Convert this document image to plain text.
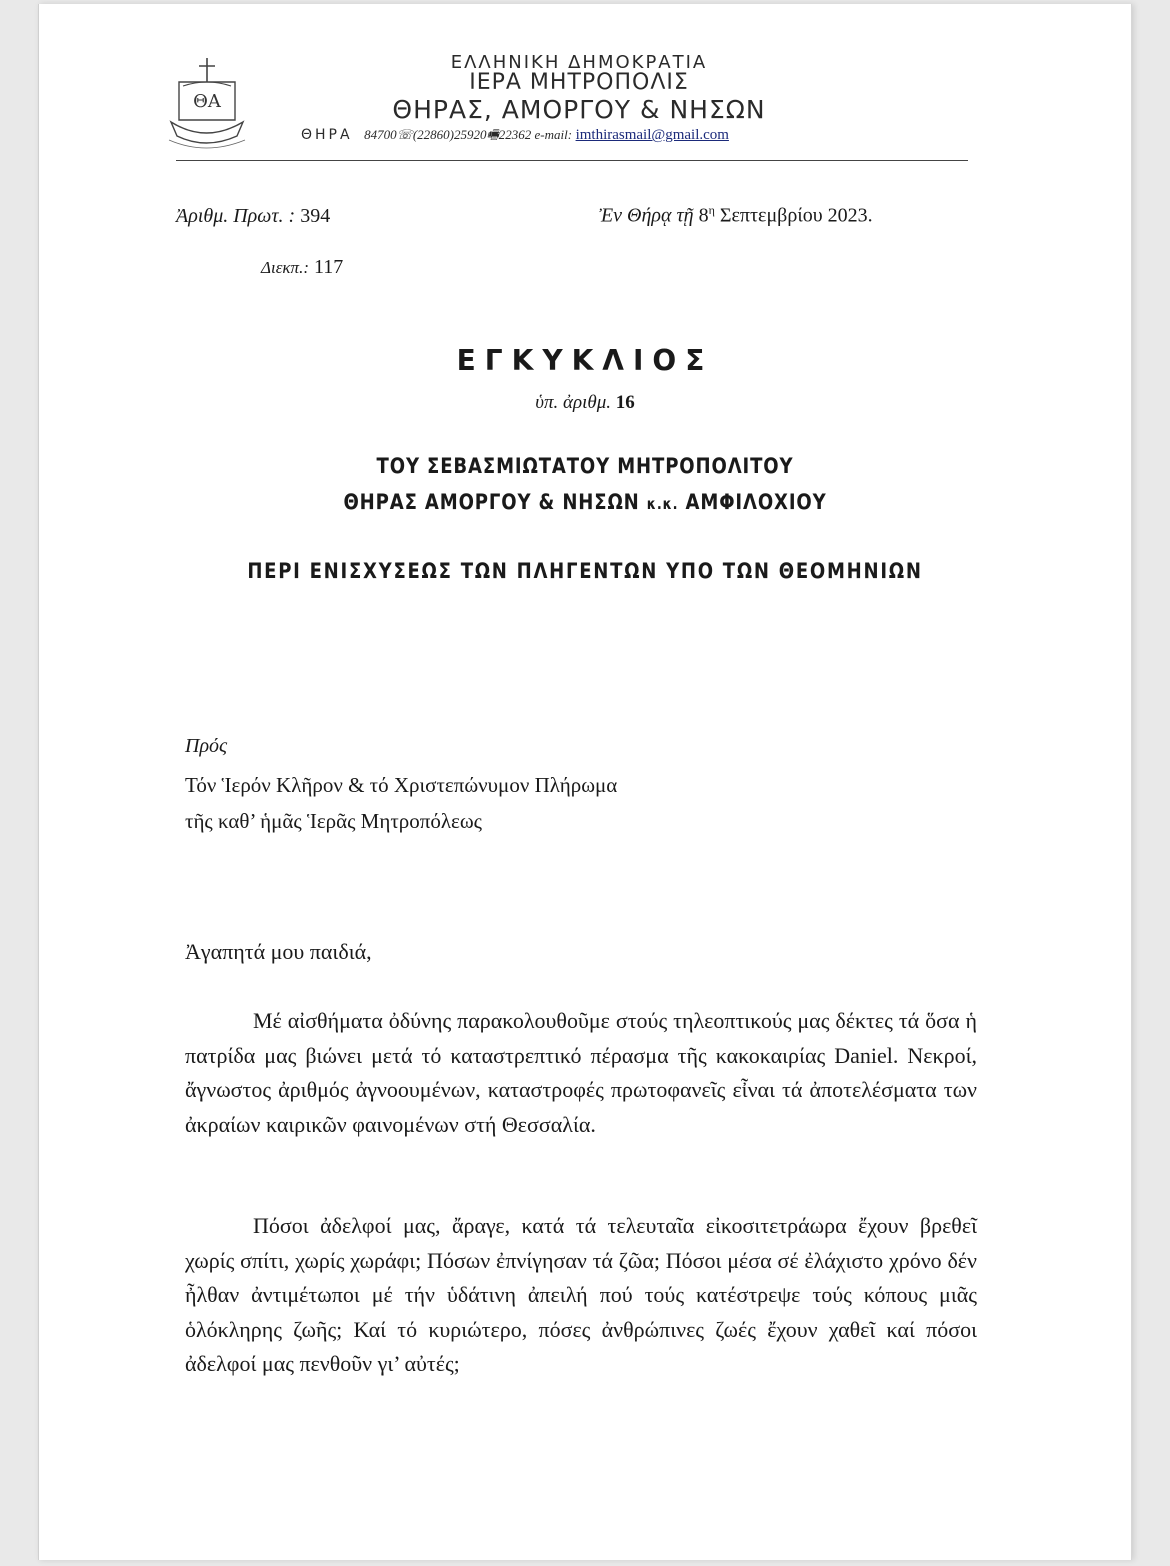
ΘΑ
ΕΛΛΗΝΙΚΗ ΔΗΜΟΚΡΑΤΙΑ
ΙΕΡΑ ΜΗΤΡΟΠΟΛΙΣ
ΘΗΡΑΣ, ΑΜΟΡΓΟΥ & ΝΗΣΩΝ
ΘΗΡΑ 84700☏(22860)25920🖷22362 e-mail: imthirasmail@gmail.com
Ἀριθμ. Πρωτ. : 394
Διεκπ.: 117
Ἐν Θήρᾳ τῇ $8^\eta$ Σεπτεμβρίου 2023.
ΕΓΚΥΚΛΙΟΣ
ὑπ. ἀριθμ. 16
ΤΟΥ ΣΕΒΑΣΜΙΩΤΑΤΟΥ ΜΗΤΡΟΠΟΛΙΤΟΥ
ΘΗΡΑΣ ΑΜΟΡΓΟΥ & ΝΗΣΩΝ κ.κ. ΑΜΦΙΛΟΧΙΟΥ
ΠΕΡΙ ΕΝΙΣΧΥΣΕΩΣ ΤΩΝ ΠΛΗΓΕΝΤΩΝ ΥΠΟ ΤΩΝ ΘΕΟΜΗΝΙΩΝ
Πρός
Τόν Ἱερόν Κλῆρον & τό Χριστεπώνυμον Πλήρωμα
τῆς καθ’ ἡμᾶς Ἱερᾶς Μητροπόλεως
Ἀγαπητά μου παιδιά,

Μέ αἰσθήματα ὀδύνης παρακολουθοῦμε στούς τηλεοπτικούς μας δέκτες τά ὅσα ἡ πατρίδα μας βιώνει μετά τό καταστρεπτικό πέρασμα τῆς κακοκαιρίας Daniel. Νεκροί, ἄγνωστος ἀριθμός ἀγνοουμένων, καταστροφές πρωτοφανεῖς εἶναι τά ἀποτελέσματα των ἀκραίων καιρικῶν φαινομένων στή Θεσσαλία.

Πόσοι ἀδελφοί μας, ἄραγε, κατά τά τελευταῖα εἰκοσιτετράωρα ἔχουν βρεθεῖ χωρίς σπίτι, χωρίς χωράφι; Πόσων ἐπνίγησαν τά ζῶα; Πόσοι μέσα σέ ἐλάχιστο χρόνο δέν ἦλθαν ἀντιμέτωποι μέ τήν ὑδάτινη ἀπειλή πού τούς κατέστρεψε τούς κόπους μιᾶς ὁλόκληρης ζωῆς; Καί τό κυριώτερο, πόσες ἀνθρώπινες ζωές ἔχουν χαθεῖ καί πόσοι ἀδελφοί μας πενθοῦν γι’ αὐτές;
